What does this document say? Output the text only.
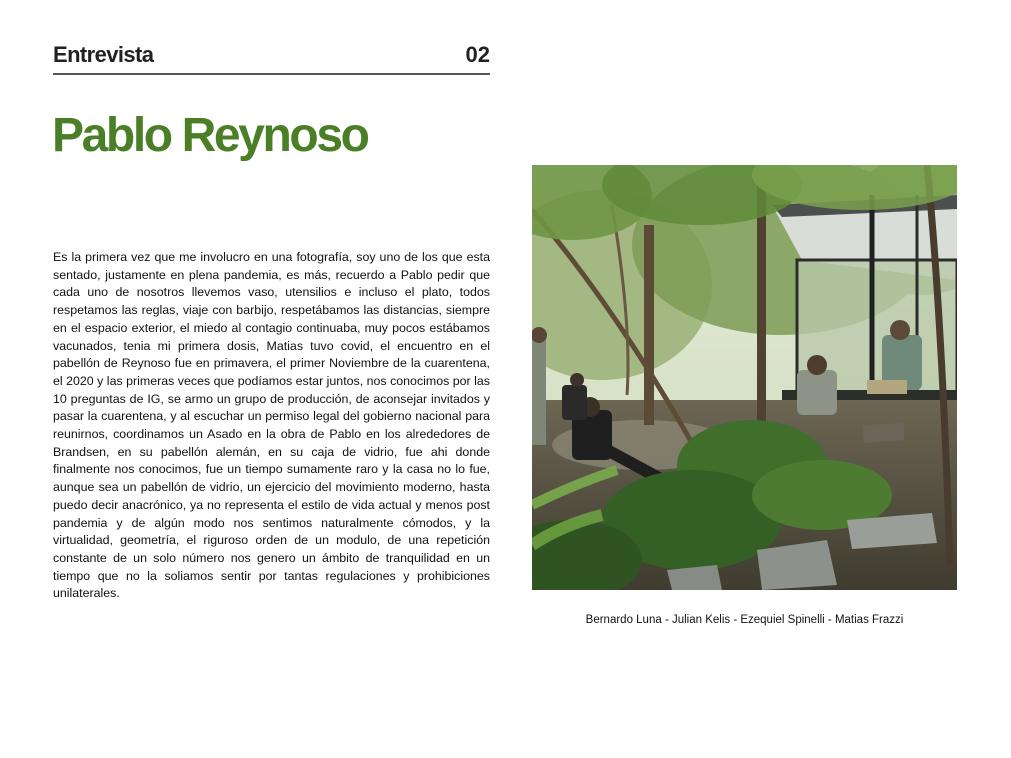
Entrevista	02
Pablo Reynoso

Es la primera vez que me involucro en una fotografía, soy uno de los que esta sentado, justamente en plena pandemia, es más, recuerdo a Pablo pedir que cada uno de nosotros llevemos vaso, utensilios e incluso el plato, todos respetamos las reglas, viaje con barbijo, respetábamos las distancias, siempre en el espacio exterior, el miedo al contagio continuaba, muy pocos estábamos vacunados, tenia mi primera dosis, Matias tuvo covid, el encuentro en el pabellón de Reynoso fue en primavera, el primer Noviembre de la cuarentena, el 2020 y las primeras veces que podíamos estar juntos, nos conocimos por las 10 preguntas de IG, se armo un grupo de producción, de aconsejar invitados y pasar la cuarentena, y al escuchar un permiso legal del gobierno nacional para reunirnos, coordinamos un Asado en la obra de Pablo en los alrededores de Brandsen, en su pabellón alemán, en su caja de vidrio, fue ahi donde finalmente nos conocimos, fue un tiempo sumamente raro y la casa no lo fue, aunque sea un pabellón de vidrio, un ejercicio del movimiento moderno, hasta puedo decir anacrónico, ya no representa el estilo de vida actual y menos post pandemia y de algún modo nos sentimos naturalmente cómodos, y la virtualidad, geometría, el riguroso orden de un modulo, de una repetición constante de un solo número nos genero un ámbito de tranquilidad en un tiempo que no la soliamos sentir por tantas regulaciones y prohibiciones unilaterales.

Bernardo Luna - Julian Kelis - Ezequiel Spinelli - Matias Frazzi
